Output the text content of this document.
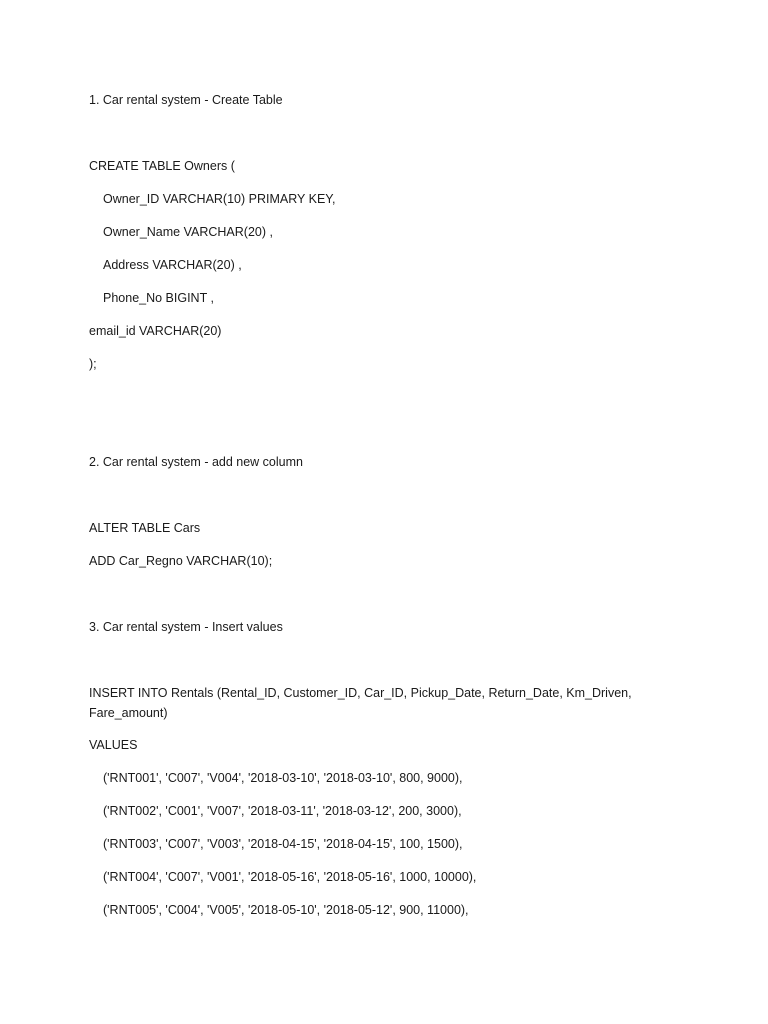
1. Car rental system - Create Table

CREATE TABLE Owners (

Owner_ID VARCHAR(10) PRIMARY KEY,

Owner_Name VARCHAR(20) ,

Address VARCHAR(20) ,

Phone_No BIGINT ,

email_id VARCHAR(20)

);

2. Car rental system - add new column

ALTER TABLE Cars

ADD Car_Regno VARCHAR(10);

3. Car rental system - Insert values

INSERT INTO Rentals (Rental_ID, Customer_ID, Car_ID, Pickup_Date, Return_Date, Km_Driven, Fare_amount)

VALUES

('RNT001', 'C007', 'V004', '2018-03-10', '2018-03-10', 800, 9000),

('RNT002', 'C001', 'V007', '2018-03-11', '2018-03-12', 200, 3000),

('RNT003', 'C007', 'V003', '2018-04-15', '2018-04-15', 100, 1500),

('RNT004', 'C007', 'V001', '2018-05-16', '2018-05-16', 1000, 10000),

('RNT005', 'C004', 'V005', '2018-05-10', '2018-05-12', 900, 11000),
